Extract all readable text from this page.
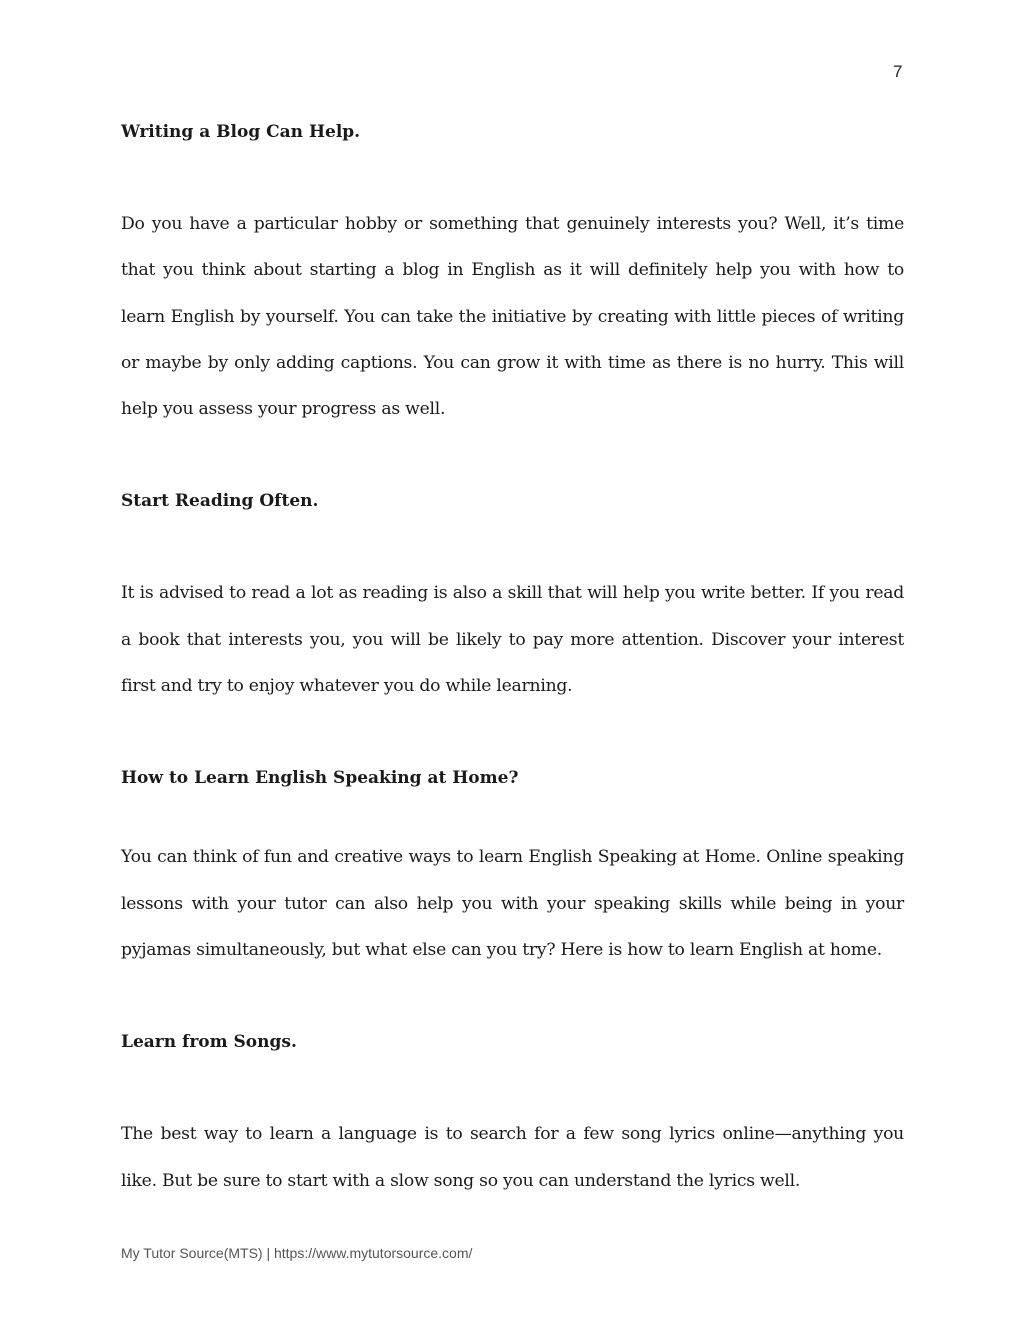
7

Writing a Blog Can Help.

Do you have a particular hobby or something that genuinely interests you? Well, it’s time that you think about starting a blog in English as it will definitely help you with how to learn English by yourself. You can take the initiative by creating with little pieces of writing or maybe by only adding captions. You can grow it with time as there is no hurry. This will help you assess your progress as well.

Start Reading Often.

It is advised to read a lot as reading is also a skill that will help you write better. If you read a book that interests you, you will be likely to pay more attention. Discover your interest first and try to enjoy whatever you do while learning.

How to Learn English Speaking at Home?

You can think of fun and creative ways to learn English Speaking at Home. Online speaking lessons with your tutor can also help you with your speaking skills while being in your pyjamas simultaneously, but what else can you try? Here is how to learn English at home.

Learn from Songs.

The best way to learn a language is to search for a few song lyrics online—anything you like. But be sure to start with a slow song so you can understand the lyrics well.

My Tutor Source(MTS) | https://www.mytutorsource.com/
